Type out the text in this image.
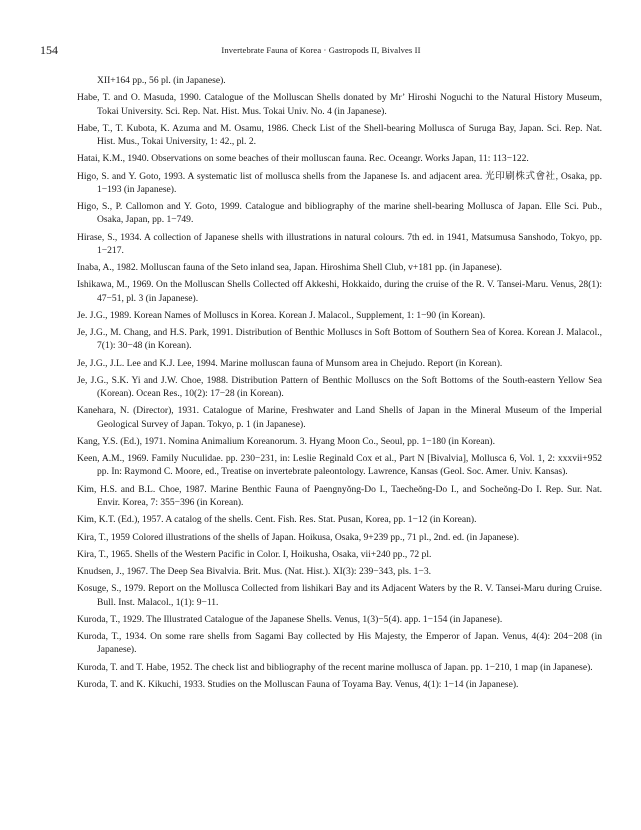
154	Invertebrate Fauna of Korea · Gastropods II, Bivalves II

XII+164 pp., 56 pl. (in Japanese).

Habe, T. and O. Masuda, 1990. Catalogue of the Molluscan Shells donated by Mr’ Hiroshi Noguchi to the Natural History Museum, Tokai University. Sci. Rep. Nat. Hist. Mus. Tokai Univ. No. 4 (in Japanese).

Habe, T., T. Kubota, K. Azuma and M. Osamu, 1986. Check List of the Shell-bearing Mollusca of Suruga Bay, Japan. Sci. Rep. Nat. Hist. Mus., Tokai University, 1: 42., pl. 2.

Hatai, K.M., 1940. Observations on some beaches of their molluscan fauna. Rec. Oceangr. Works Japan, 11: 113−122.

Higo, S. and Y. Goto, 1993. A systematic list of mollusca shells from the Japanese Is. and adjacent area. 光印刷株式會社, Osaka, pp. 1−193 (in Japanese).

Higo, S., P. Callomon and Y. Goto, 1999. Catalogue and bibliography of the marine shell-bearing Mollusca of Japan. Elle Sci. Pub., Osaka, Japan, pp. 1−749.

Hirase, S., 1934. A collection of Japanese shells with illustrations in natural colours. 7th ed. in 1941, Matsumusa Sanshodo, Tokyo, pp. 1−217.

Inaba, A., 1982. Molluscan fauna of the Seto inland sea, Japan. Hiroshima Shell Club, v+181 pp. (in Japanese).

Ishikawa, M., 1969. On the Molluscan Shells Collected off Akkeshi, Hokkaido, during the cruise of the R. V. Tansei-Maru. Venus, 28(1): 47−51, pl. 3 (in Japanese).

Je. J.G., 1989. Korean Names of Molluscs in Korea. Korean J. Malacol., Supplement, 1: 1−90 (in Korean).

Je, J.G., M. Chang, and H.S. Park, 1991. Distribution of Benthic Molluscs in Soft Bottom of Southern Sea of Korea. Korean J. Malacol., 7(1): 30−48 (in Korean).

Je, J.G., J.L. Lee and K.J. Lee, 1994. Marine molluscan fauna of Munsom area in Chejudo. Report (in Korean).

Je, J.G., S.K. Yi and J.W. Choe, 1988. Distribution Pattern of Benthic Molluscs on the Soft Bottoms of the South-eastern Yellow Sea (Korean). Ocean Res., 10(2): 17−28 (in Korean).

Kanehara, N. (Director), 1931. Catalogue of Marine, Freshwater and Land Shells of Japan in the Mineral Museum of the Imperial Geological Survey of Japan. Tokyo, p. 1 (in Japanese).

Kang, Y.S. (Ed.), 1971. Nomina Animalium Koreanorum. 3. Hyang Moon Co., Seoul, pp. 1−180 (in Korean).

Keen, A.M., 1969. Family Nuculidae. pp. 230−231, in: Leslie Reginald Cox et al., Part N [Bivalvia], Mollusca 6, Vol. 1, 2: xxxvii+952 pp. In: Raymond C. Moore, ed., Treatise on invertebrate paleontology. Lawrence, Kansas (Geol. Soc. Amer. Univ. Kansas).

Kim, H.S. and B.L. Choe, 1987. Marine Benthic Fauna of Paengnyŏng-Do I., Taecheŏng-Do I., and Socheŏng-Do I. Rep. Sur. Nat. Envir. Korea, 7: 355−396 (in Korean).

Kim, K.T. (Ed.), 1957. A catalog of the shells. Cent. Fish. Res. Stat. Pusan, Korea, pp. 1−12 (in Korean).

Kira, T., 1959 Colored illustrations of the shells of Japan. Hoikusa, Osaka, 9+239 pp., 71 pl., 2nd. ed. (in Japanese).

Kira, T., 1965. Shells of the Western Pacific in Color. I, Hoikusha, Osaka, vii+240 pp., 72 pl.

Knudsen, J., 1967. The Deep Sea Bivalvia. Brit. Mus. (Nat. Hist.). XI(3): 239−343, pls. 1−3.

Kosuge, S., 1979. Report on the Mollusca Collected from lishikari Bay and its Adjacent Waters by the R. V. Tansei-Maru during Cruise. Bull. Inst. Malacol., 1(1): 9−11.

Kuroda, T., 1929. The Illustrated Catalogue of the Japanese Shells. Venus, 1(3)−5(4). app. 1−154 (in Japanese).

Kuroda, T., 1934. On some rare shells from Sagami Bay collected by His Majesty, the Emperor of Japan. Venus, 4(4): 204−208 (in Japanese).

Kuroda, T. and T. Habe, 1952. The check list and bibliography of the recent marine mollusca of Japan. pp. 1−210, 1 map (in Japanese).

Kuroda, T. and K. Kikuchi, 1933. Studies on the Molluscan Fauna of Toyama Bay. Venus, 4(1): 1−14 (in Japanese).
